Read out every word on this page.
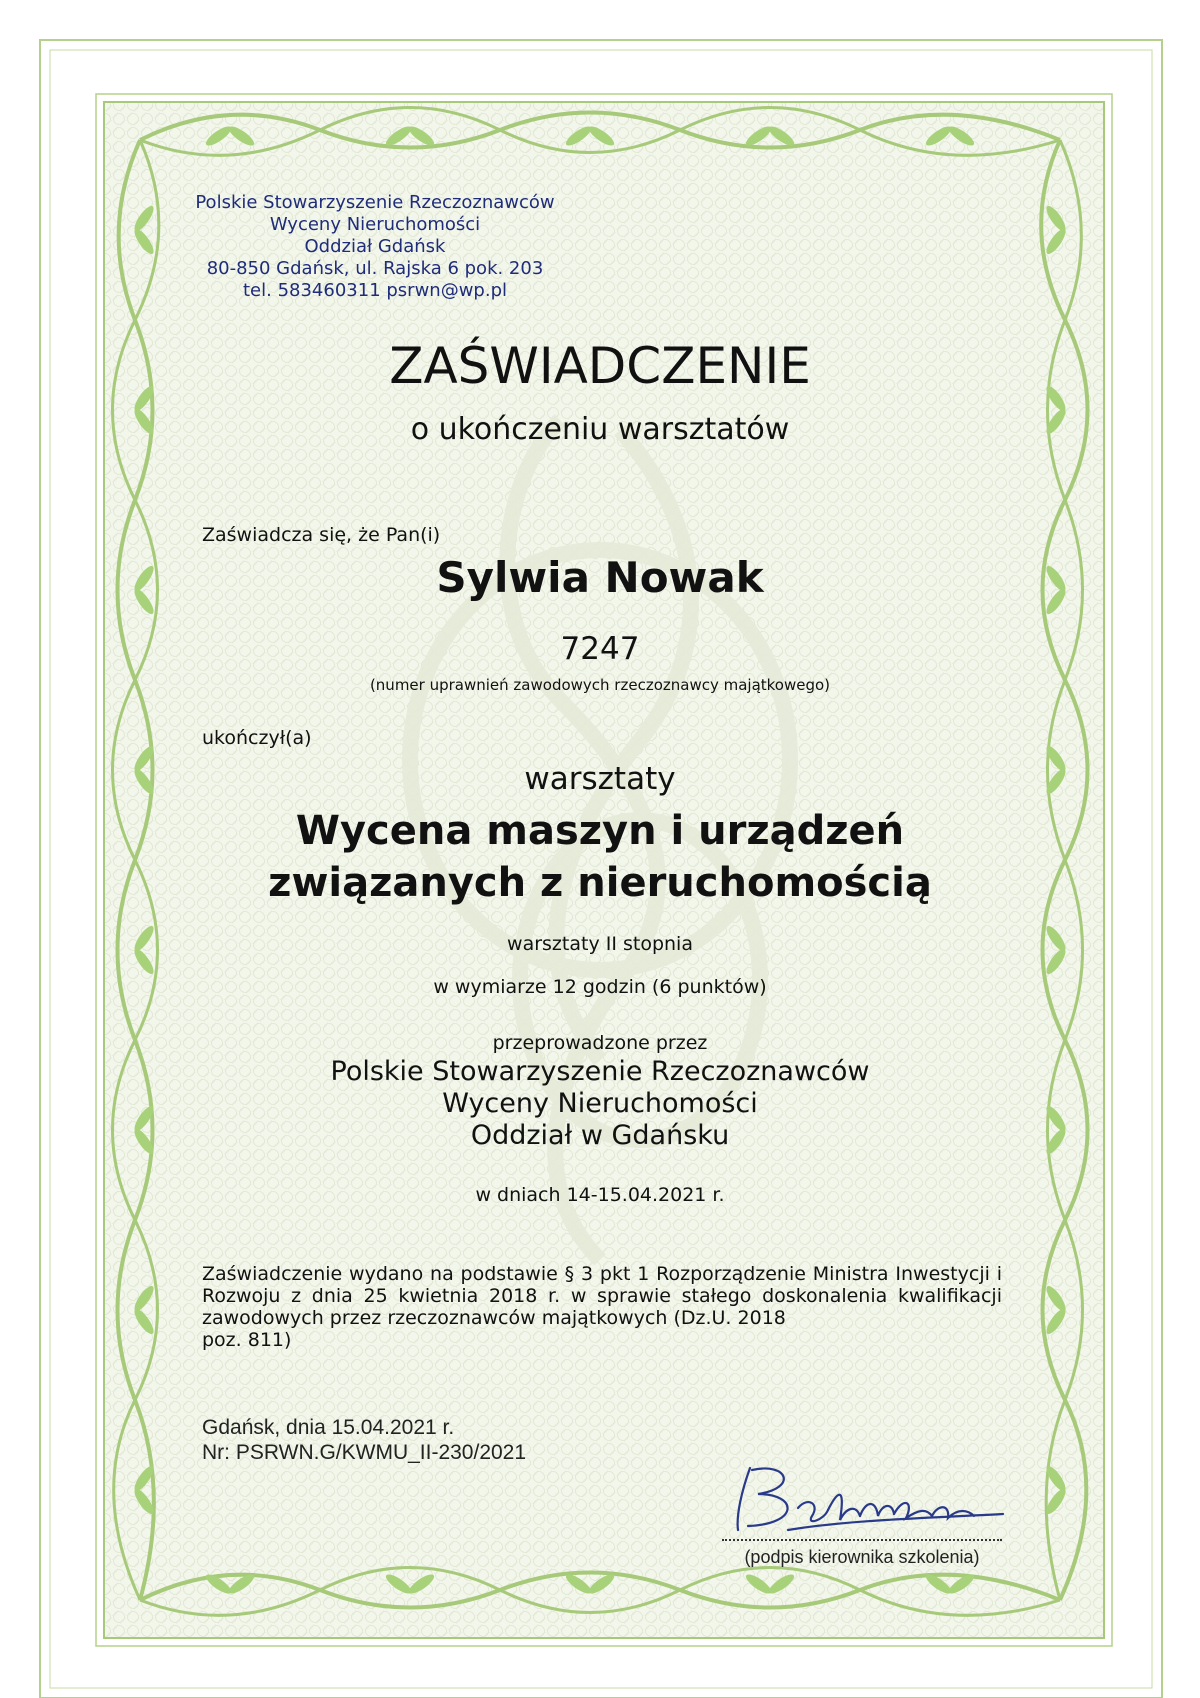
Polskie Stowarzyszenie Rzeczoznawców
Wyceny Nieruchomości
Oddział Gdańsk
80-850 Gdańsk, ul. Rajska 6 pok. 203
tel. 583460311 psrwn@wp.pl
ZAŚWIADCZENIE
o ukończeniu warsztatów
Zaświadcza się, że Pan(i)
Sylwia Nowak
7247
(numer uprawnień zawodowych rzeczoznawcy majątkowego)
ukończył(a)
warsztaty
Wycena maszyn i urządzeń
związanych z nieruchomością
warsztaty II stopnia
w wymiarze 12 godzin (6 punktów)
przeprowadzone przez
Polskie Stowarzyszenie Rzeczoznawców
Wyceny Nieruchomości
Oddział w Gdańsku
w dniach 14-15.04.2021 r.
Zaświadczenie wydano na podstawie § 3 pkt 1 Rozporządzenie Ministra Inwestycji i Rozwoju z dnia 25 kwietnia 2018 r. w sprawie stałego doskonalenia kwalifikacji zawodowych przez rzeczoznawców majątkowych (Dz.U. 2018
poz. 811)
Gdańsk, dnia 15.04.2021 r.
Nr: PSRWN.G/KWMU_II-230/2021
(podpis kierownika szkolenia)
